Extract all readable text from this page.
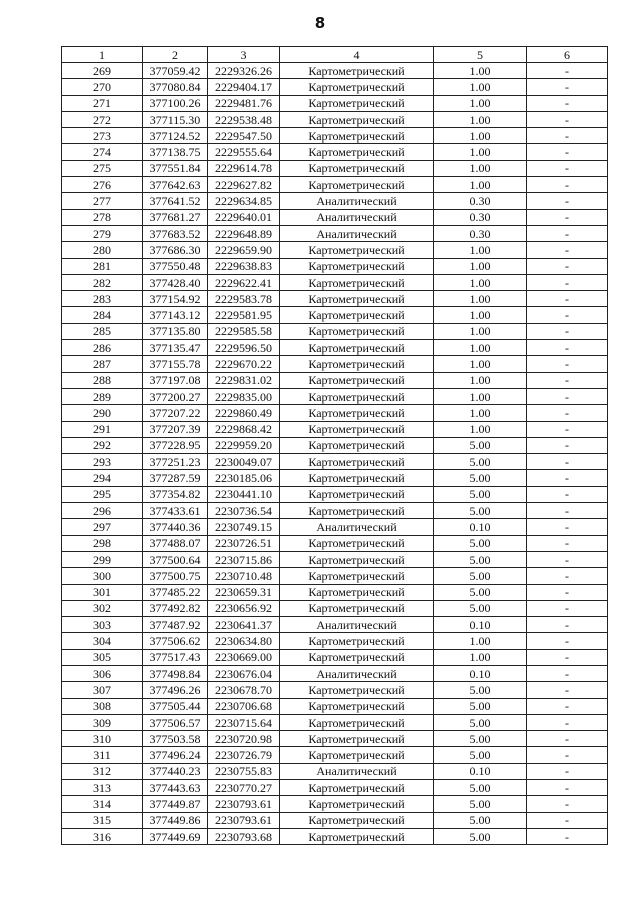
8
1	2	3	4	5	6
269	377059.42	2229326.26	Картометрический	1.00	-
270	377080.84	2229404.17	Картометрический	1.00	-
271	377100.26	2229481.76	Картометрический	1.00	-
272	377115.30	2229538.48	Картометрический	1.00	-
273	377124.52	2229547.50	Картометрический	1.00	-
274	377138.75	2229555.64	Картометрический	1.00	-
275	377551.84	2229614.78	Картометрический	1.00	-
276	377642.63	2229627.82	Картометрический	1.00	-
277	377641.52	2229634.85	Аналитический	0.30	-
278	377681.27	2229640.01	Аналитический	0.30	-
279	377683.52	2229648.89	Аналитический	0.30	-
280	377686.30	2229659.90	Картометрический	1.00	-
281	377550.48	2229638.83	Картометрический	1.00	-
282	377428.40	2229622.41	Картометрический	1.00	-
283	377154.92	2229583.78	Картометрический	1.00	-
284	377143.12	2229581.95	Картометрический	1.00	-
285	377135.80	2229585.58	Картометрический	1.00	-
286	377135.47	2229596.50	Картометрический	1.00	-
287	377155.78	2229670.22	Картометрический	1.00	-
288	377197.08	2229831.02	Картометрический	1.00	-
289	377200.27	2229835.00	Картометрический	1.00	-
290	377207.22	2229860.49	Картометрический	1.00	-
291	377207.39	2229868.42	Картометрический	1.00	-
292	377228.95	2229959.20	Картометрический	5.00	-
293	377251.23	2230049.07	Картометрический	5.00	-
294	377287.59	2230185.06	Картометрический	5.00	-
295	377354.82	2230441.10	Картометрический	5.00	-
296	377433.61	2230736.54	Картометрический	5.00	-
297	377440.36	2230749.15	Аналитический	0.10	-
298	377488.07	2230726.51	Картометрический	5.00	-
299	377500.64	2230715.86	Картометрический	5.00	-
300	377500.75	2230710.48	Картометрический	5.00	-
301	377485.22	2230659.31	Картометрический	5.00	-
302	377492.82	2230656.92	Картометрический	5.00	-
303	377487.92	2230641.37	Аналитический	0.10	-
304	377506.62	2230634.80	Картометрический	1.00	-
305	377517.43	2230669.00	Картометрический	1.00	-
306	377498.84	2230676.04	Аналитический	0.10	-
307	377496.26	2230678.70	Картометрический	5.00	-
308	377505.44	2230706.68	Картометрический	5.00	-
309	377506.57	2230715.64	Картометрический	5.00	-
310	377503.58	2230720.98	Картометрический	5.00	-
311	377496.24	2230726.79	Картометрический	5.00	-
312	377440.23	2230755.83	Аналитический	0.10	-
313	377443.63	2230770.27	Картометрический	5.00	-
314	377449.87	2230793.61	Картометрический	5.00	-
315	377449.86	2230793.61	Картометрический	5.00	-
316	377449.69	2230793.68	Картометрический	5.00	-
